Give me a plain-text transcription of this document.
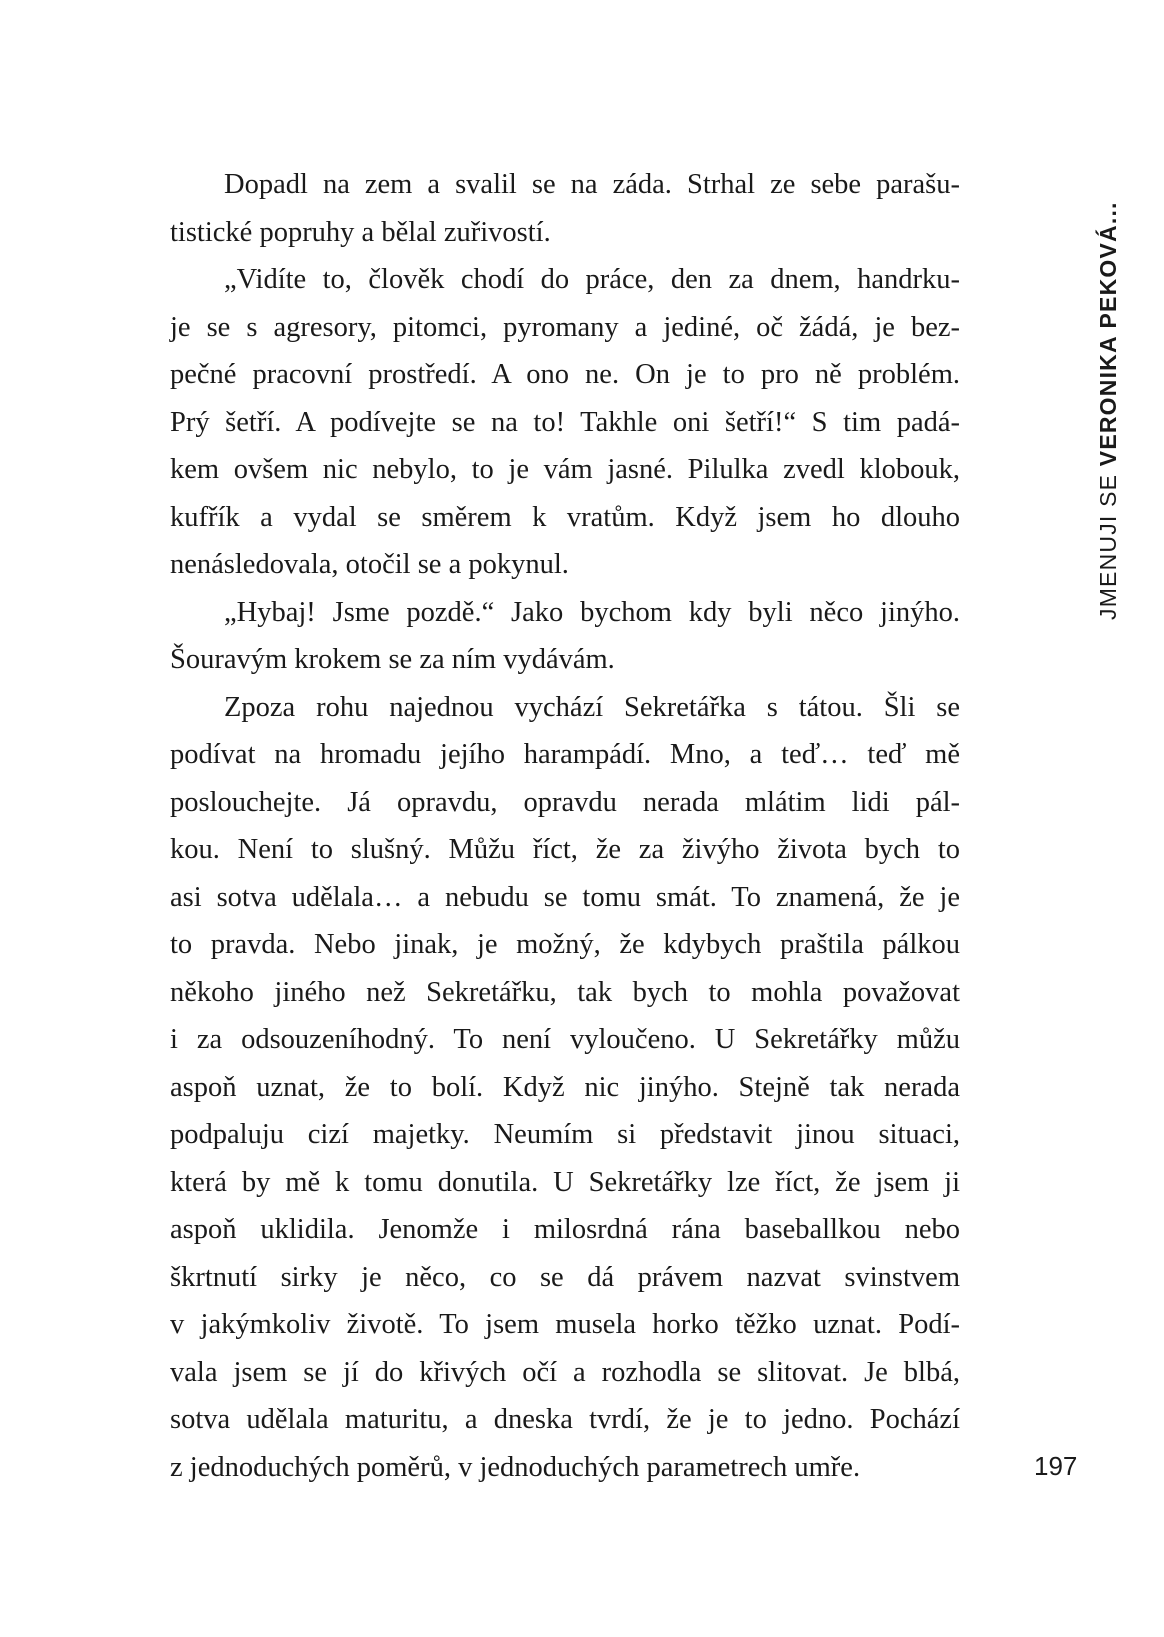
Dopadl na zem a svalil se na záda. Strhal ze sebe parašu-
tistické popruhy a bělal zuřivostí.

„Vidíte to, člověk chodí do práce, den za dnem, handrku-
je se s agresory, pitomci, pyromany a jediné, oč žádá, je bez-
pečné pracovní prostředí. A ono ne. On je to pro ně problém.
Prý šetří. A podívejte se na to! Takhle oni šetří!“ S tim padá-
kem ovšem nic nebylo, to je vám jasné. Pilulka zvedl klobouk,
kufřík a vydal se směrem k vratům. Když jsem ho dlouho
nenásledovala, otočil se a pokynul.

„Hybaj! Jsme pozdě.“ Jako bychom kdy byli něco jinýho.
Šouravým krokem se za ním vydávám.

Zpoza rohu najednou vychází Sekretářka s tátou. Šli se
podívat na hromadu jejího harampádí. Mno, a teď… teď mě
poslouchejte. Já opravdu, opravdu nerada mlátim lidi pál-
kou. Není to slušný. Můžu říct, že za živýho života bych to
asi sotva udělala… a nebudu se tomu smát. To znamená, že je
to pravda. Nebo jinak, je možný, že kdybych praštila pálkou
někoho jiného než Sekretářku, tak bych to mohla považovat
i za odsouzeníhodný. To není vyloučeno. U Sekretářky můžu
aspoň uznat, že to bolí. Když nic jinýho. Stejně tak nerada
podpaluju cizí majetky. Neumím si představit jinou situaci,
která by mě k tomu donutila. U Sekretářky lze říct, že jsem ji
aspoň uklidila. Jenomže i milosrdná rána baseballkou nebo
škrtnutí sirky je něco, co se dá právem nazvat svinstvem
v jakýmkoliv životě. To jsem musela horko těžko uznat. Podí-
vala jsem se jí do křivých očí a rozhodla se slitovat. Je blbá,
sotva udělala maturitu, a dneska tvrdí, že je to jedno. Pochází
z jednoduchých poměrů, v jednoduchých parametrech umře.

JMENUJI SE VERONIKA PEKOVÁ...
197
